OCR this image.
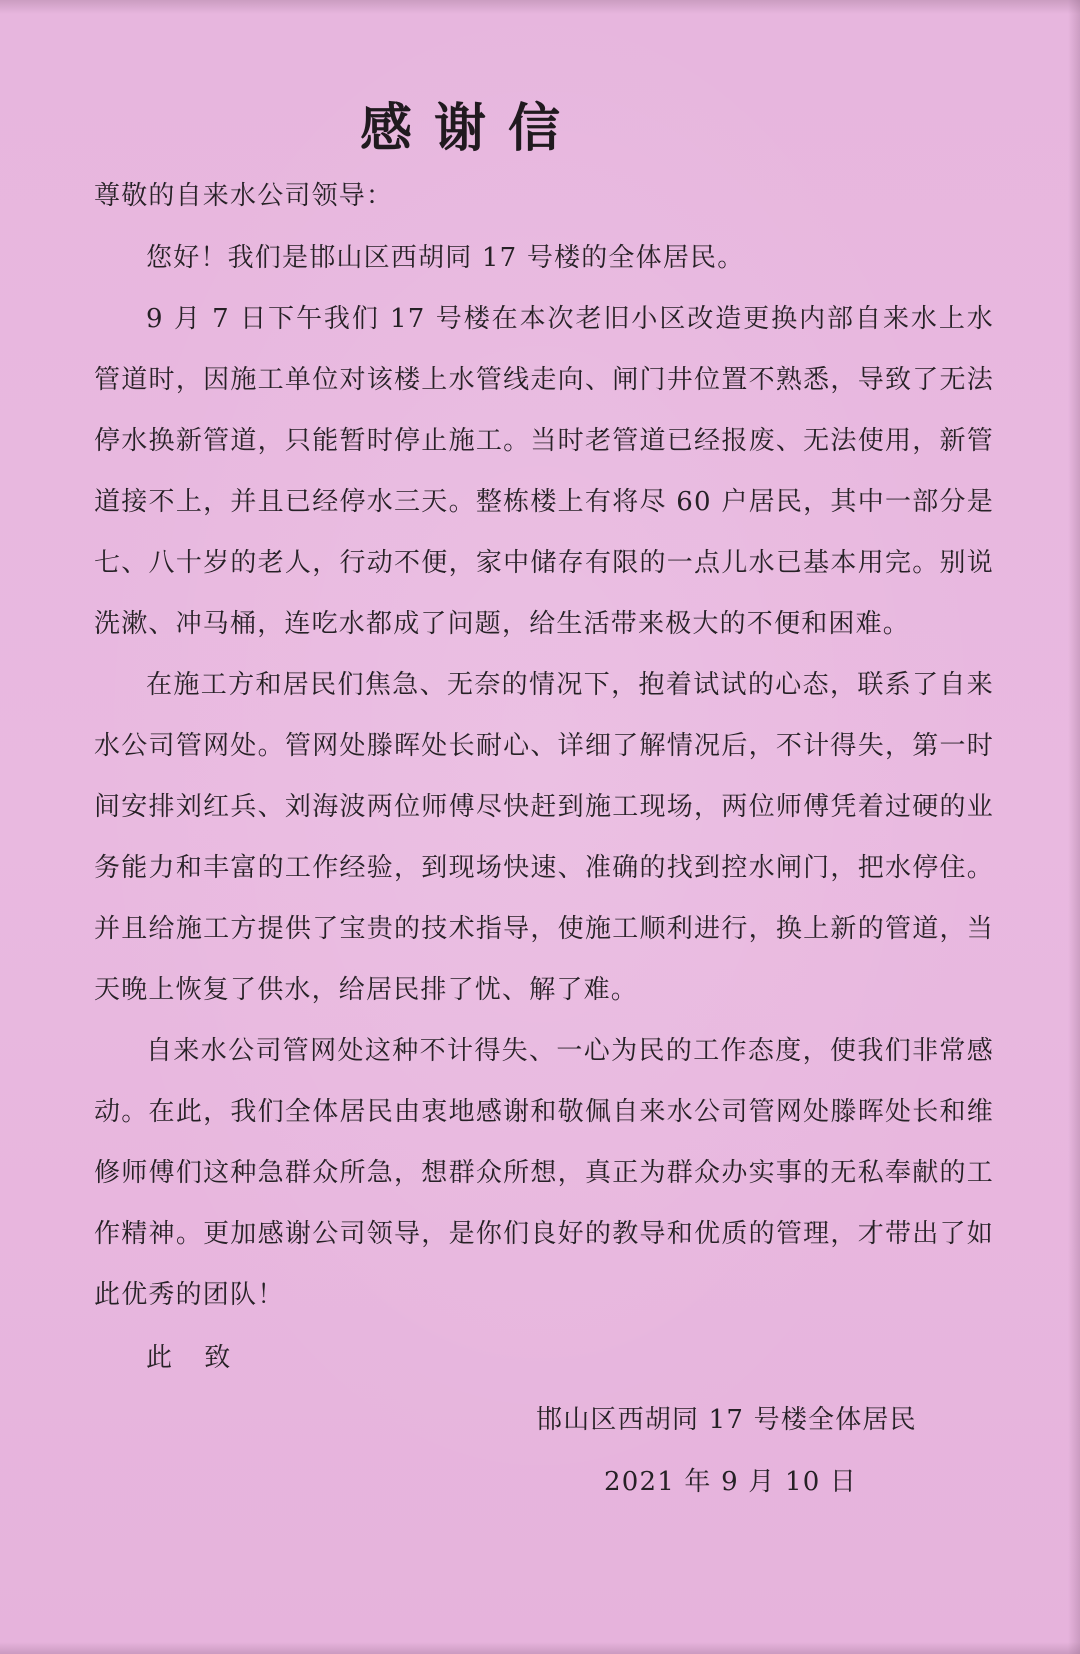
感谢信
尊敬的自来水公司领导：
您好！我们是邯山区西胡同 17 号楼的全体居民。
9 月 7 日下午我们 17 号楼在本次老旧小区改造更换内部自来水上水管道时，因施工单位对该楼上水管线走向、闸门井位置不熟悉，导致了无法停水换新管道，只能暂时停止施工。当时老管道已经报废、无法使用，新管道接不上，并且已经停水三天。整栋楼上有将尽 60 户居民，其中一部分是七、八十岁的老人，行动不便，家中储存有限的一点儿水已基本用完。别说洗漱、冲马桶，连吃水都成了问题，给生活带来极大的不便和困难。
在施工方和居民们焦急、无奈的情况下，抱着试试的心态，联系了自来水公司管网处。管网处滕晖处长耐心、详细了解情况后，不计得失，第一时间安排刘红兵、刘海波两位师傅尽快赶到施工现场，两位师傅凭着过硬的业务能力和丰富的工作经验，到现场快速、准确的找到控水闸门，把水停住。并且给施工方提供了宝贵的技术指导，使施工顺利进行，换上新的管道，当天晚上恢复了供水，给居民排了忧、解了难。
自来水公司管网处这种不计得失、一心为民的工作态度，使我们非常感动。在此，我们全体居民由衷地感谢和敬佩自来水公司管网处滕晖处长和维修师傅们这种急群众所急，想群众所想，真正为群众办实事的无私奉献的工作精神。更加感谢公司领导，是你们良好的教导和优质的管理，才带出了如此优秀的团队！
此 致
邯山区西胡同 17 号楼全体居民
2021 年 9 月 10 日
